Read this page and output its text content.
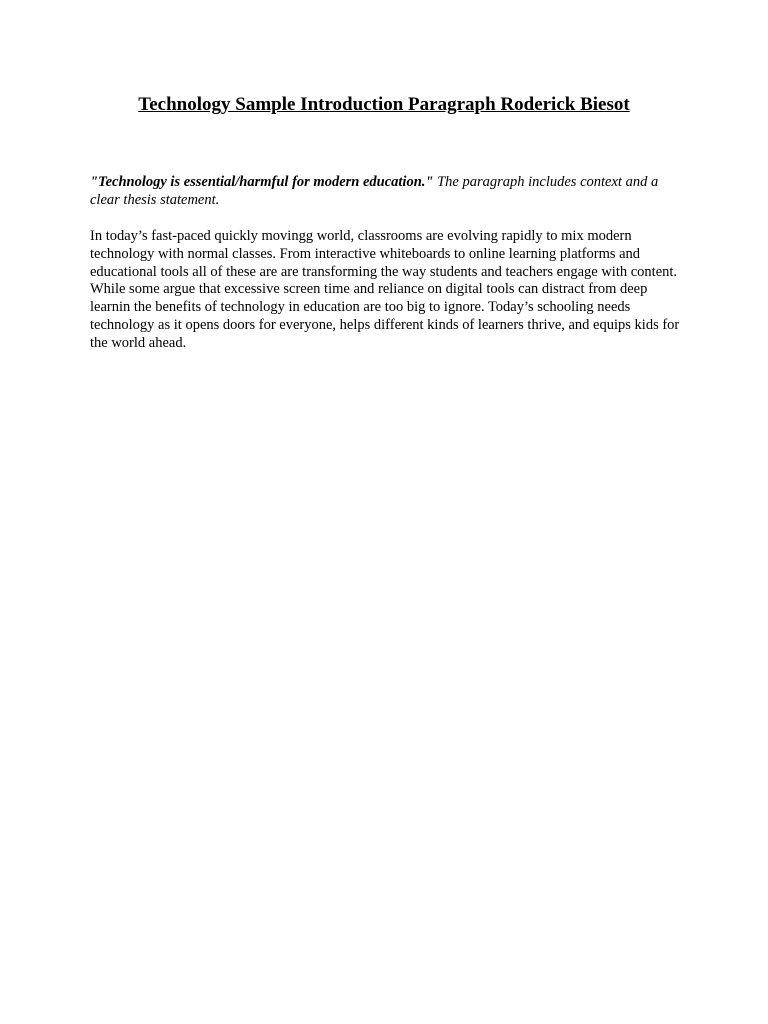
Technology Sample Introduction Paragraph Roderick Biesot

"Technology is essential/harmful for modern education." The paragraph includes context and a clear thesis statement.

In today’s fast-paced quickly movingg world, classrooms are evolving rapidly to mix modern technology with normal classes. From interactive whiteboards to online learning platforms and educational tools all of these are are transforming the way students and teachers engage with content. While some argue that excessive screen time and reliance on digital tools can distract from deep learnin the benefits of technology in education are too big to ignore. Today’s schooling needs technology as it opens doors for everyone, helps different kinds of learners thrive, and equips kids for the world ahead.
